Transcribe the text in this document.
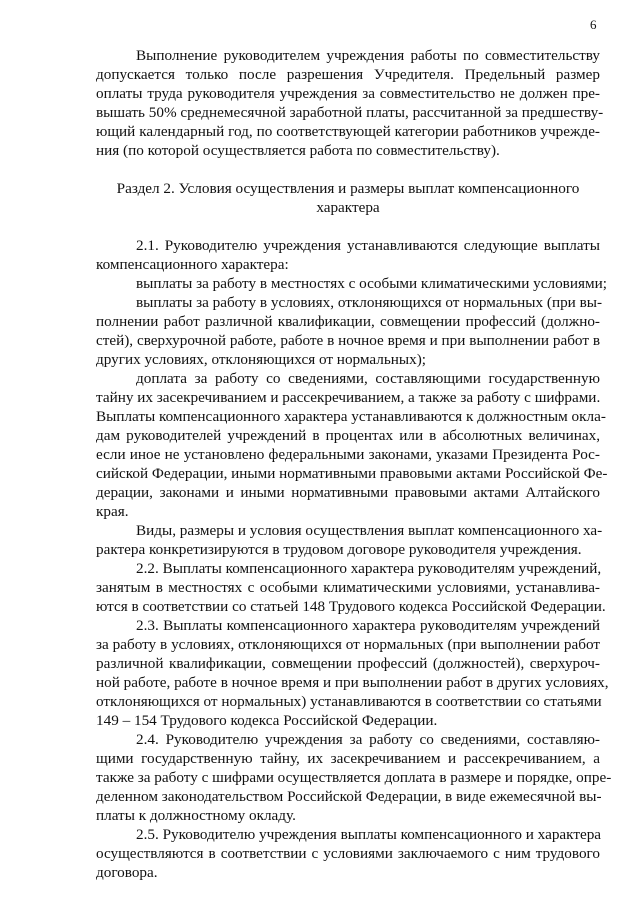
6
Выполнение руководителем учреждения работы по совместительству
допускается только после разрешения Учредителя. Предельный размер
оплаты труда руководителя учреждения за совместительство не должен пре-
вышать 50% среднемесячной заработной платы, рассчитанной за предшеству-
ющий календарный год, по соответствующей категории работников учрежде-
ния (по которой осуществляется работа по совместительству).
Раздел 2. Условия осуществления и размеры выплат компенсационного
характера
2.1. Руководителю учреждения устанавливаются следующие выплаты
компенсационного характера:
выплаты за работу в местностях с особыми климатическими условиями;
выплаты за работу в условиях, отклоняющихся от нормальных (при вы-
полнении работ различной квалификации, совмещении профессий (должно-
стей), сверхурочной работе, работе в ночное время и при выполнении работ в
других условиях, отклоняющихся от нормальных);
доплата за работу со сведениями, составляющими государственную
тайну их засекречиванием и рассекречиванием, а также за работу с шифрами.
Выплаты компенсационного характера устанавливаются к должностным окла-
дам руководителей учреждений в процентах или в абсолютных величинах,
если иное не установлено федеральными законами, указами Президента Рос-
сийской Федерации, иными нормативными правовыми актами Российской Фе-
дерации, законами и иными нормативными правовыми актами Алтайского
края.
Виды, размеры и условия осуществления выплат компенсационного ха-
рактера конкретизируются в трудовом договоре руководителя учреждения.
2.2. Выплаты компенсационного характера руководителям учреждений,
занятым в местностях с особыми климатическими условиями, устанавлива-
ются в соответствии со статьей 148 Трудового кодекса Российской Федерации.
2.3. Выплаты компенсационного характера руководителям учреждений
за работу в условиях, отклоняющихся от нормальных (при выполнении работ
различной квалификации, совмещении профессий (должностей), сверхуроч-
ной работе, работе в ночное время и при выполнении работ в других условиях,
отклоняющихся от нормальных) устанавливаются в соответствии со статьями
149 – 154 Трудового кодекса Российской Федерации.
2.4. Руководителю учреждения за работу со сведениями, составляю-
щими государственную тайну, их засекречиванием и рассекречиванием, а
также за работу с шифрами осуществляется доплата в размере и порядке, опре-
деленном законодательством Российской Федерации, в виде ежемесячной вы-
платы к должностному окладу.
2.5. Руководителю учреждения выплаты компенсационного и характера
осуществляются в соответствии с условиями заключаемого с ним трудового
договора.
